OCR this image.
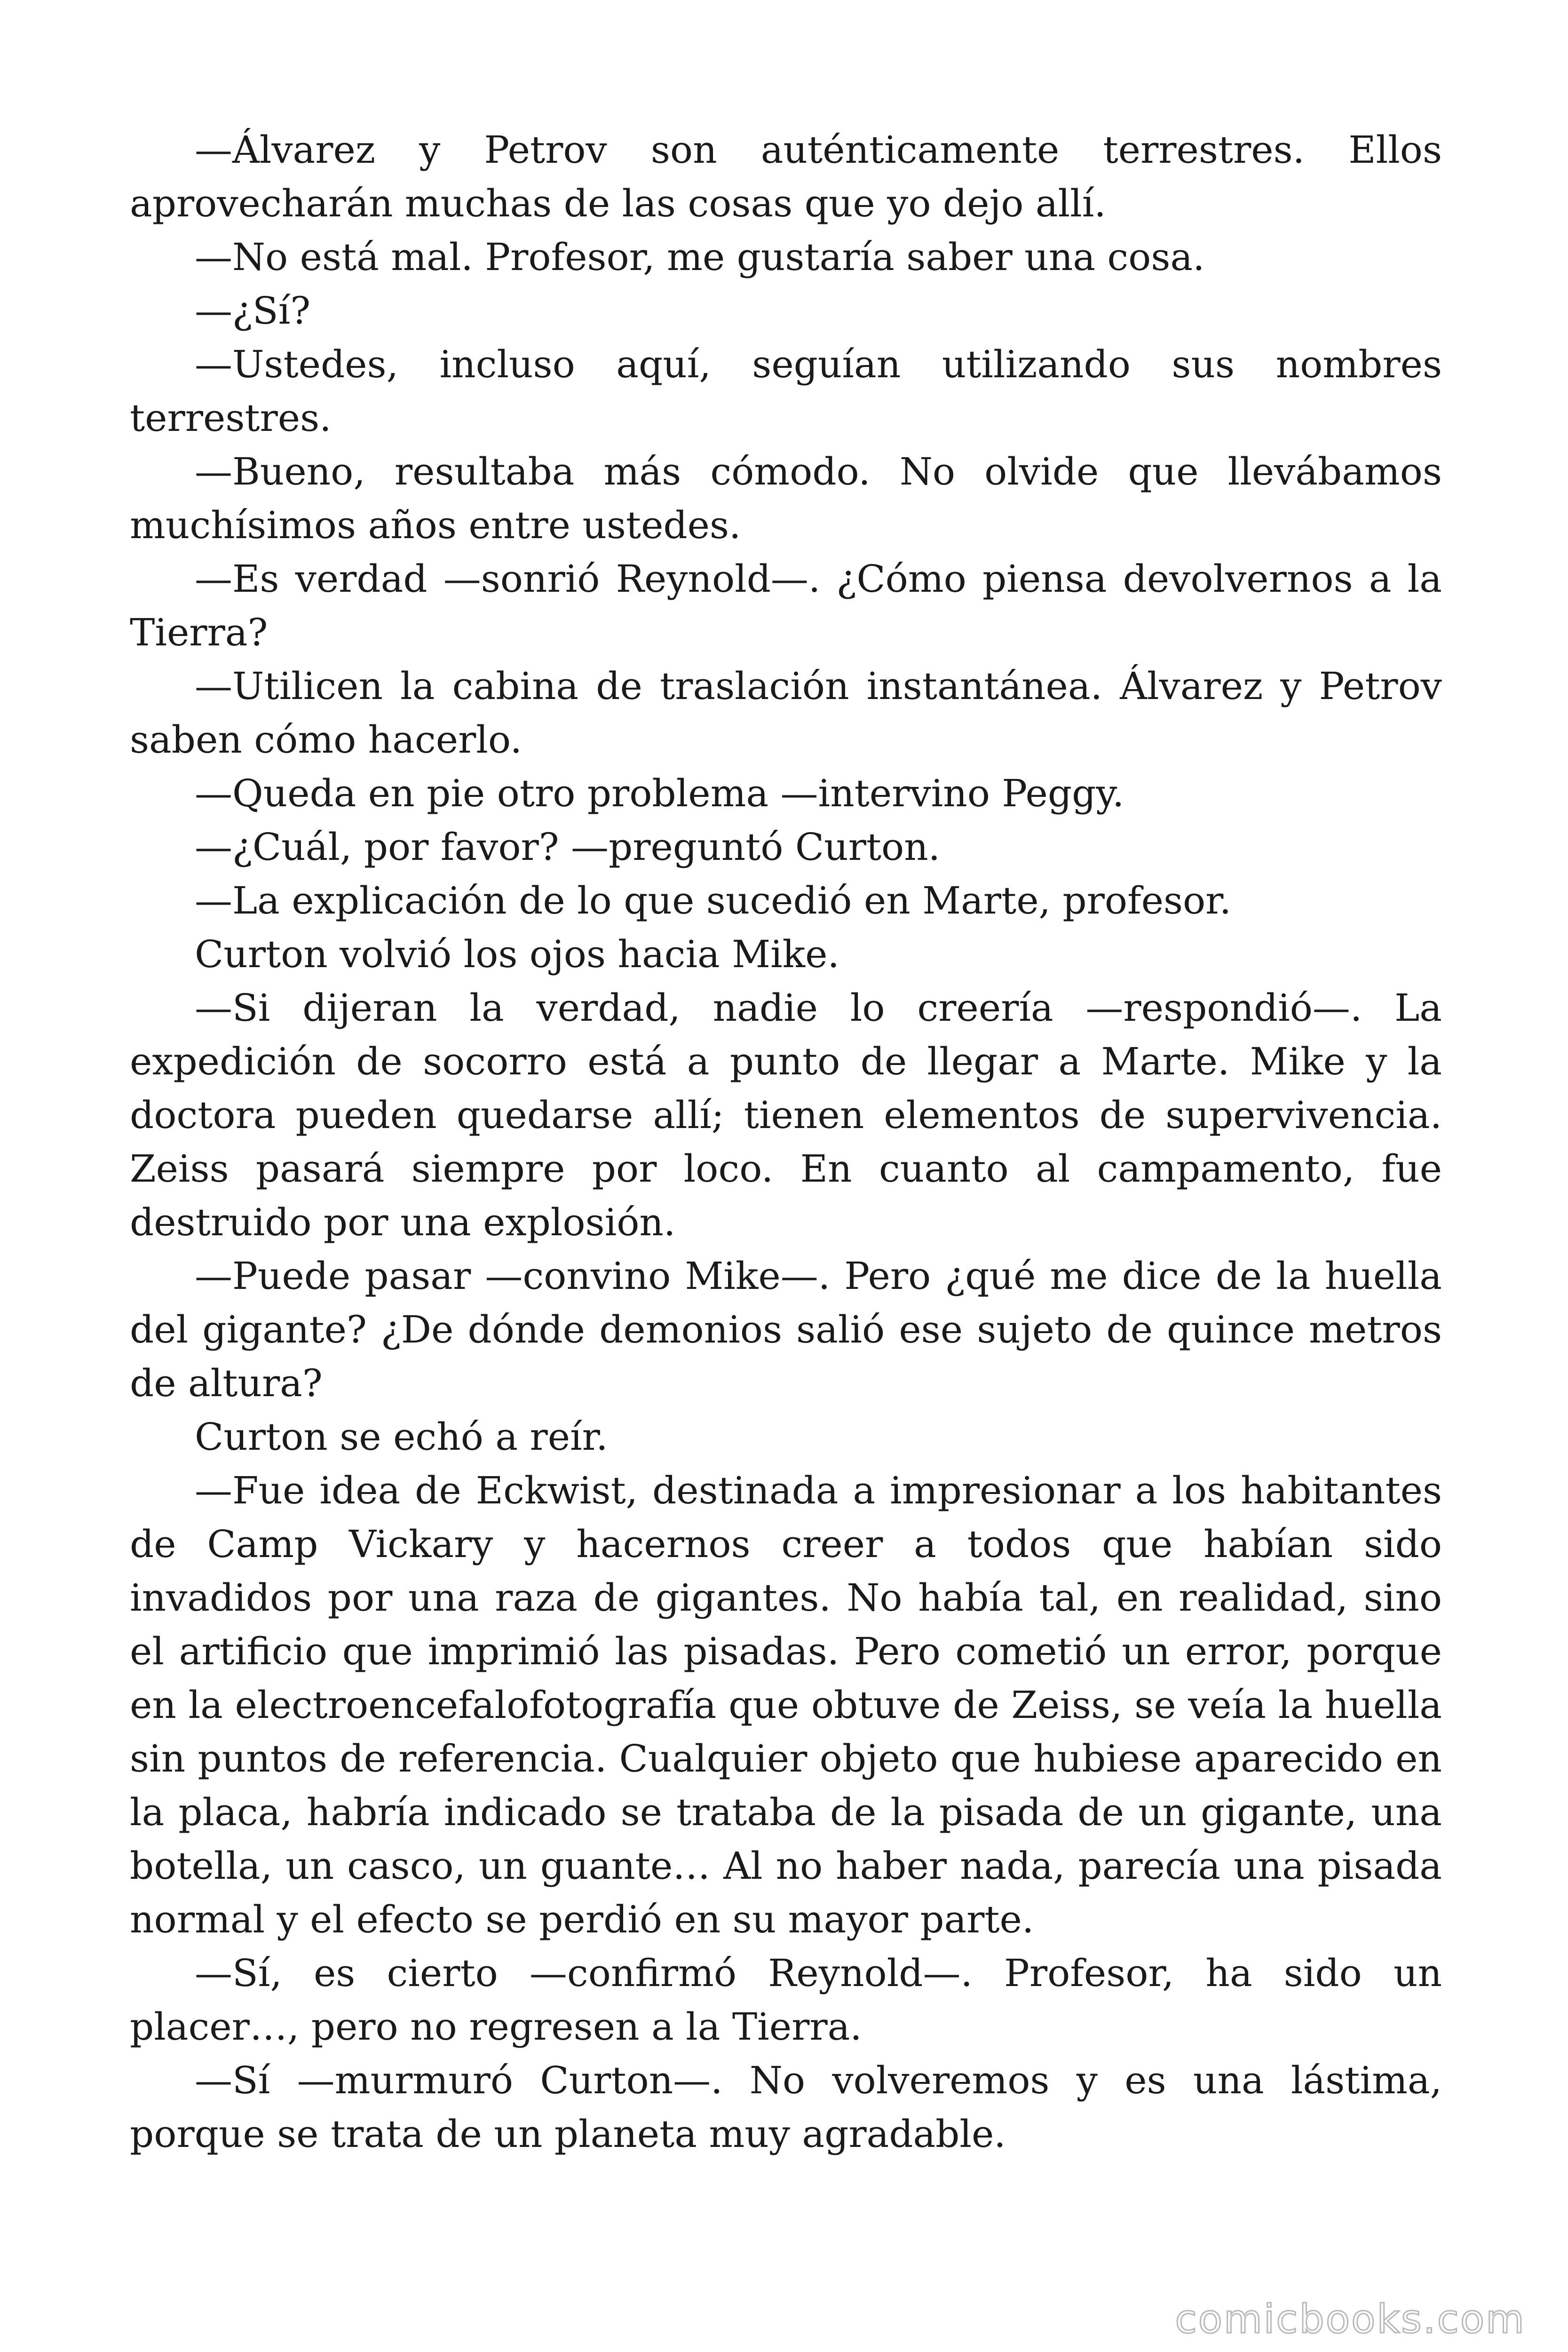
—Álvarez y Petrov son auténticamente terrestres. Ellos aprovecharán muchas de las cosas que yo dejo allí.

—No está mal. Profesor, me gustaría saber una cosa.

—¿Sí?

—Ustedes, incluso aquí, seguían utilizando sus nombres terrestres.

—Bueno, resultaba más cómodo. No olvide que llevábamos muchísimos años entre ustedes.

—Es verdad —sonrió Reynold—. ¿Cómo piensa devolvernos a la Tierra?

—Utilicen la cabina de traslación instantánea. Álvarez y Petrov saben cómo hacerlo.

—Queda en pie otro problema —intervino Peggy.

—¿Cuál, por favor? —preguntó Curton.

—La explicación de lo que sucedió en Marte, profesor.

Curton volvió los ojos hacia Mike.

—Si dijeran la verdad, nadie lo creería —respondió—. La expedición de socorro está a punto de llegar a Marte. Mike y la doctora pueden quedarse allí; tienen elementos de supervivencia. Zeiss pasará siempre por loco. En cuanto al campamento, fue destruido por una explosión.

—Puede pasar —convino Mike—. Pero ¿qué me dice de la huella del gigante? ¿De dónde demonios salió ese sujeto de quince metros de altura?

Curton se echó a reír.

—Fue idea de Eckwist, destinada a impresionar a los habitantes de Camp Vickary y hacernos creer a todos que habían sido invadidos por una raza de gigantes. No había tal, en realidad, sino el artificio que imprimió las pisadas. Pero cometió un error, porque en la electroencefalofotografía que obtuve de Zeiss, se veía la huella sin puntos de referencia. Cualquier objeto que hubiese aparecido en la placa, habría indicado se trataba de la pisada de un gigante, una botella, un casco, un guante… Al no haber nada, parecía una pisada normal y el efecto se perdió en su mayor parte.

—Sí, es cierto —confirmó Reynold—. Profesor, ha sido un placer…, pero no regresen a la Tierra.

—Sí —murmuró Curton—. No volveremos y es una lástima, porque se trata de un planeta muy agradable.

comicbooks.com
